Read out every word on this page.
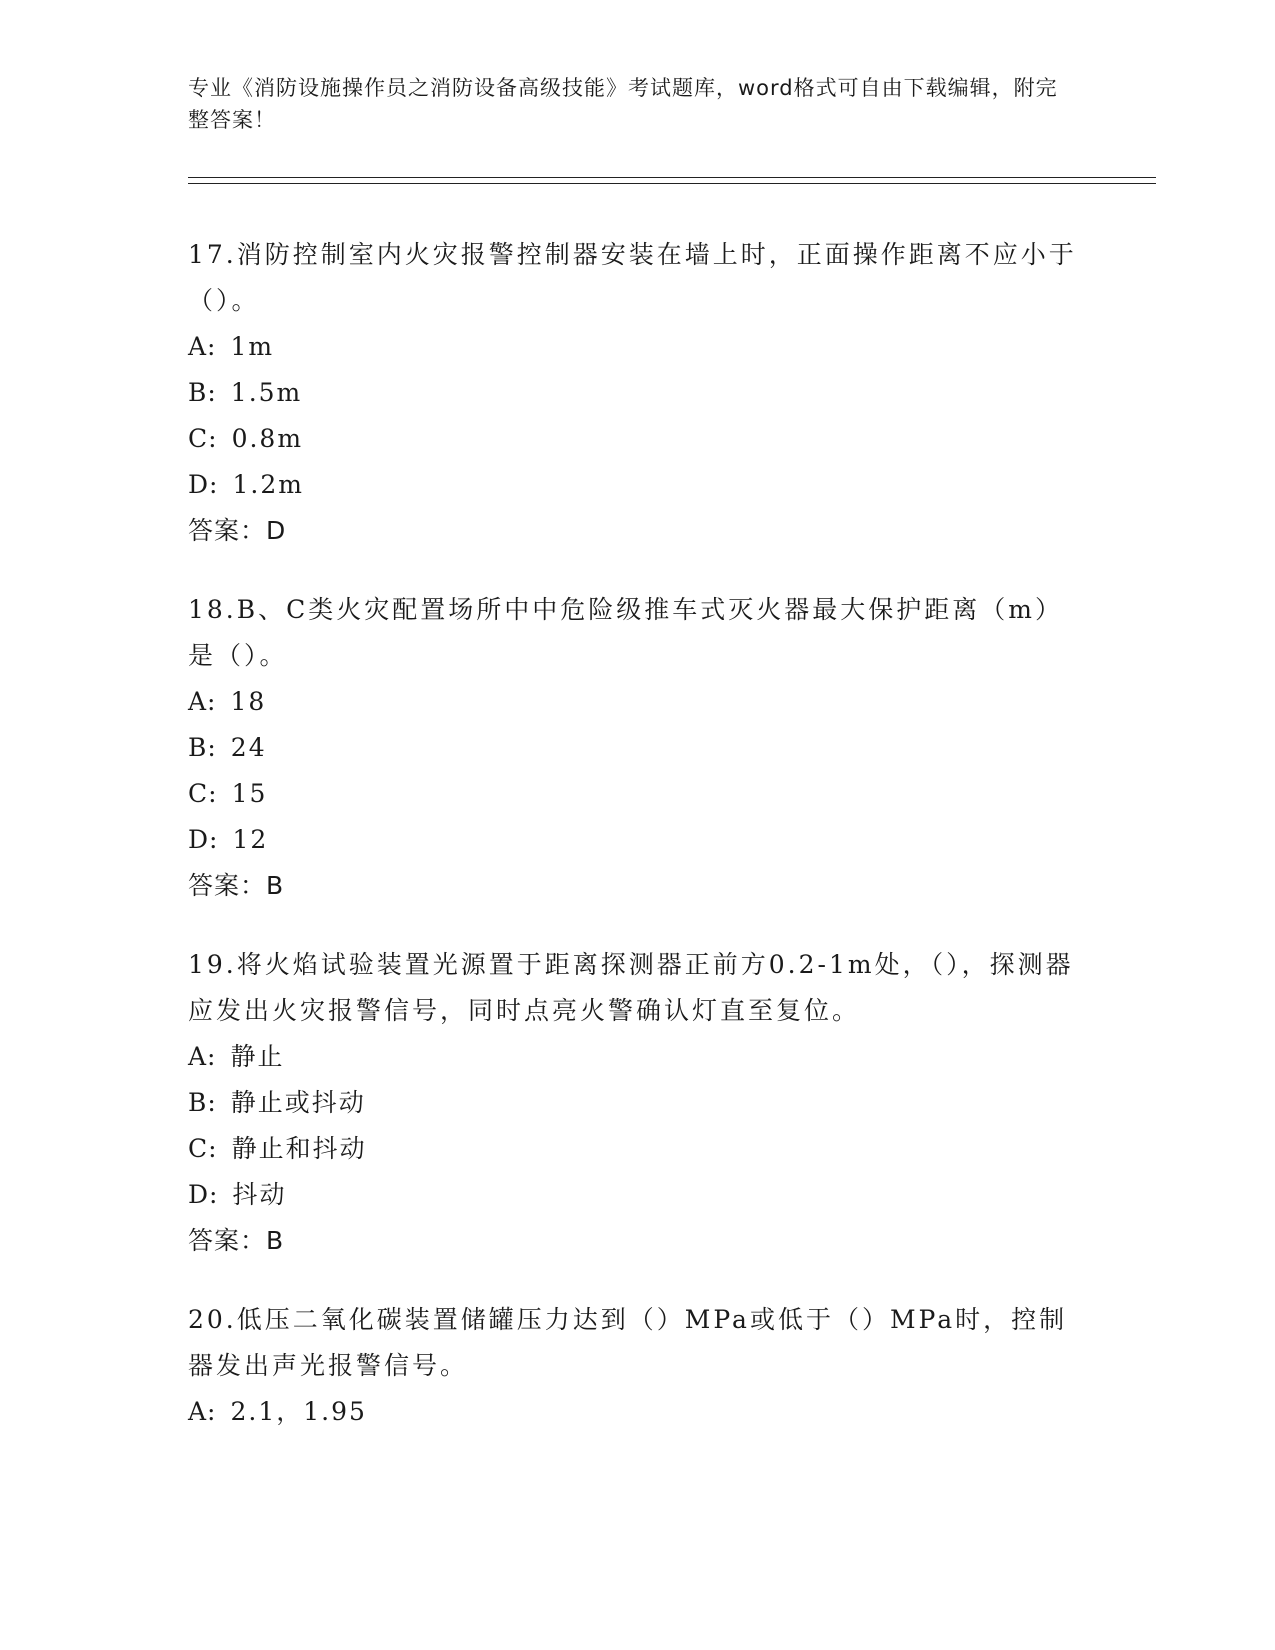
专业《消防设施操作员之消防设备高级技能》考试题库，word格式可自由下载编辑，附完整答案！
17.消防控制室内火灾报警控制器安装在墙上时，正面操作距离不应小于（）。
A: 1m
B: 1.5m
C: 0.8m
D: 1.2m
答案：D
18.B、C类火灾配置场所中中危险级推车式灭火器最大保护距离（m）是（）。
A: 18
B: 24
C: 15
D: 12
答案：B
19.将火焰试验装置光源置于距离探测器正前方0.2-1m处，（），探测器应发出火灾报警信号，同时点亮火警确认灯直至复位。
A: 静止
B: 静止或抖动
C: 静止和抖动
D: 抖动
答案：B
20.低压二氧化碳装置储罐压力达到（）MPa或低于（）MPa时，控制器发出声光报警信号。
A: 2.1，1.95
